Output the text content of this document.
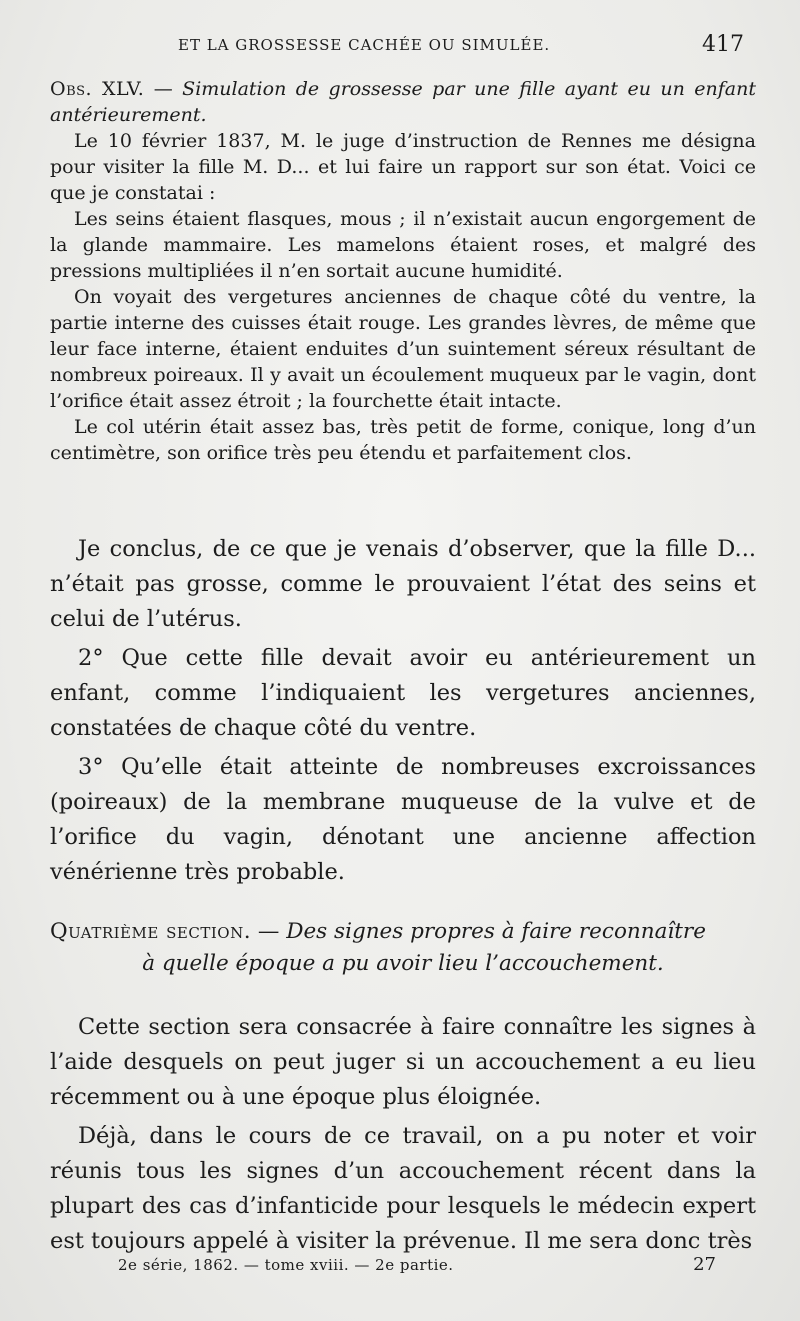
ET LA GROSSESSE CACHÉE OU SIMULÉE.	417

Obs. XLV. — Simulation de grossesse par une fille ayant eu un enfant antérieurement.

Le 10 février 1837, M. le juge d’instruction de Rennes me désigna pour visiter la fille M. D... et lui faire un rapport sur son état. Voici ce que je constatai :

Les seins étaient flasques, mous ; il n’existait aucun engorgement de la glande mammaire. Les mamelons étaient roses, et malgré des pressions multipliées il n’en sortait aucune humidité.

On voyait des vergetures anciennes de chaque côté du ventre, la partie interne des cuisses était rouge. Les grandes lèvres, de même que leur face interne, étaient enduites d’un suintement séreux résultant de nombreux poireaux. Il y avait un écoulement muqueux par le vagin, dont l’orifice était assez étroit ; la fourchette était intacte.

Le col utérin était assez bas, très petit de forme, conique, long d’un centimètre, son orifice très peu étendu et parfaitement clos.

Je conclus, de ce que je venais d’observer, que la fille D... n’était pas grosse, comme le prouvaient l’état des seins et celui de l’utérus.

2° Que cette fille devait avoir eu antérieurement un enfant, comme l’indiquaient les vergetures anciennes, constatées de chaque côté du ventre.

3° Qu’elle était atteinte de nombreuses excroissances (poireaux) de la membrane muqueuse de la vulve et de l’orifice du vagin, dénotant une ancienne affection vénérienne très probable.

Quatrième section. — Des signes propres à faire reconnaître
à quelle époque a pu avoir lieu l’accouchement.

Cette section sera consacrée à faire connaître les signes à l’aide desquels on peut juger si un accouchement a eu lieu récemment ou à une époque plus éloignée.

Déjà, dans le cours de ce travail, on a pu noter et voir réunis tous les signes d’un accouchement récent dans la plupart des cas d’infanticide pour lesquels le médecin expert est toujours appelé à visiter la prévenue. Il me sera donc très

2e série, 1862. — tome xviii. — 2e partie.	27
